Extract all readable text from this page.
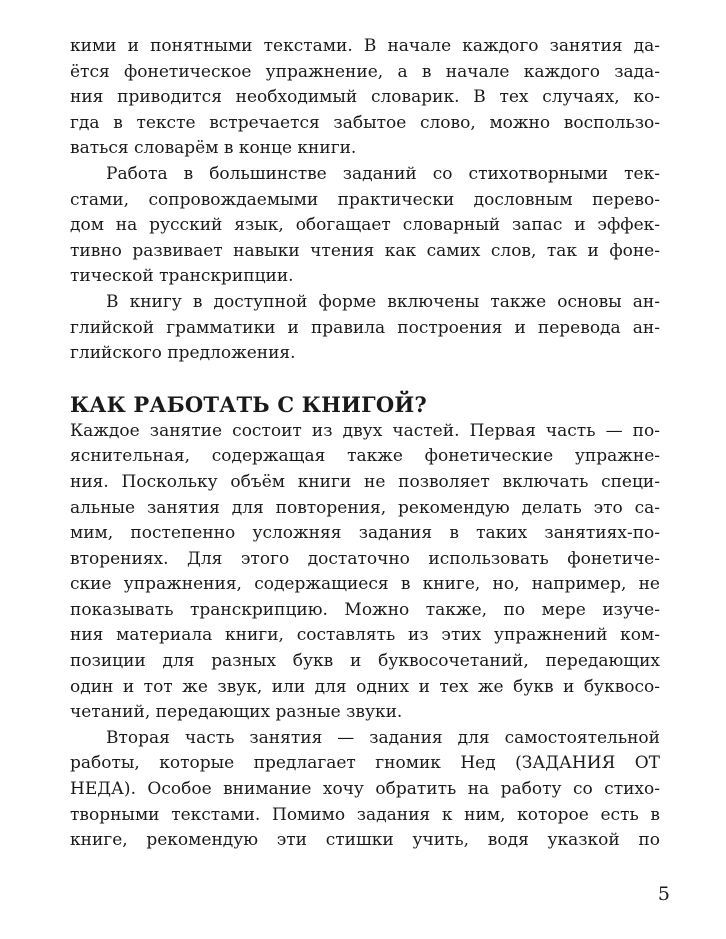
кими и понятными текстами. В начале каждого занятия да-
ётся фонетическое упражнение, а в начале каждого зада-
ния приводится необходимый словарик. В тех случаях, ко-
гда в тексте встречается забытое слово, можно воспользо-
ваться словарём в конце книги.
Работа в большинстве заданий со стихотворными тек-
стами, сопровождаемыми практически дословным перево-
дом на русский язык, обогащает словарный запас и эффек-
тивно развивает навыки чтения как самих слов, так и фоне-
тической транскрипции.
В книгу в доступной форме включены также основы ан-
глийской грамматики и правила построения и перевода ан-
глийского предложения.
КАК РАБОТАТЬ С КНИГОЙ?
Каждое занятие состоит из двух частей. Первая часть — по-
яснительная, содержащая также фонетические упражне-
ния. Поскольку объём книги не позволяет включать специ-
альные занятия для повторения, рекомендую делать это са-
мим, постепенно усложняя задания в таких занятиях-по-
вторениях. Для этого достаточно использовать фонетиче-
ские упражнения, содержащиеся в книге, но, например, не
показывать транскрипцию. Можно также, по мере изуче-
ния материала книги, составлять из этих упражнений ком-
позиции для разных букв и буквосочетаний, передающих
один и тот же звук, или для одних и тех же букв и буквосо-
четаний, передающих разные звуки.
Вторая часть занятия — задания для самостоятельной
работы, которые предлагает гномик Нед (ЗАДАНИЯ ОТ
НЕДА). Особое внимание хочу обратить на работу со стихо-
творными текстами. Помимо задания к ним, которое есть в
книге, рекомендую эти стишки учить, водя указкой по
5
